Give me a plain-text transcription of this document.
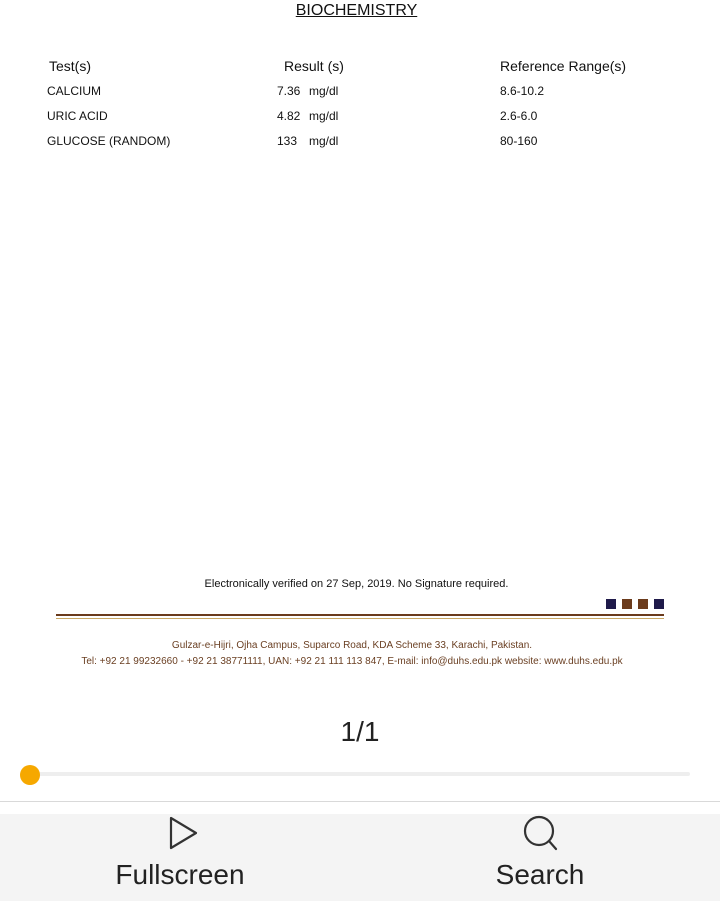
BIOCHEMISTRY
Test(s)	Result (s)	Reference Range(s)
CALCIUM	7.36 mg/dl	8.6-10.2
URIC ACID	4.82 mg/dl	2.6-6.0
GLUCOSE (RANDOM)	133 mg/dl	80-160
Electronically verified on 27 Sep, 2019. No Signature required.
Gulzar-e-Hijri, Ojha Campus, Suparco Road, KDA Scheme 33, Karachi, Pakistan.
Tel: +92 21 99232660 - +92 21 38771111, UAN: +92 21 111 113 847, E-mail: info@duhs.edu.pk website: www.duhs.edu.pk
1/1
Fullscreen	Search
